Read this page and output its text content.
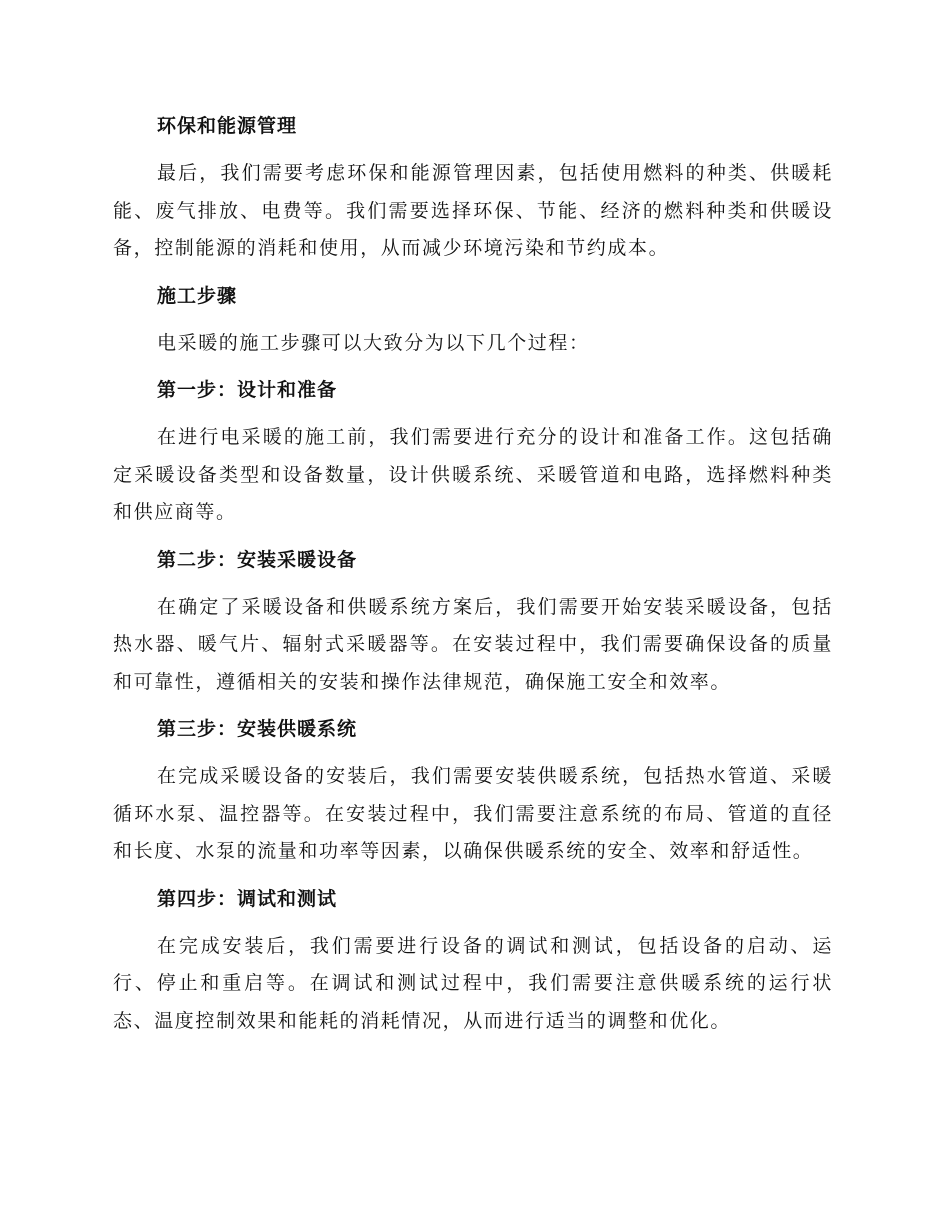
环保和能源管理

最后，我们需要考虑环保和能源管理因素，包括使用燃料的种类、供暖耗能、废气排放、电费等。我们需要选择环保、节能、经济的燃料种类和供暖设备，控制能源的消耗和使用，从而减少环境污染和节约成本。

施工步骤

电采暖的施工步骤可以大致分为以下几个过程：

第一步：设计和准备

在进行电采暖的施工前，我们需要进行充分的设计和准备工作。这包括确定采暖设备类型和设备数量，设计供暖系统、采暖管道和电路，选择燃料种类和供应商等。

第二步：安装采暖设备

在确定了采暖设备和供暖系统方案后，我们需要开始安装采暖设备，包括热水器、暖气片、辐射式采暖器等。在安装过程中，我们需要确保设备的质量和可靠性，遵循相关的安装和操作法律规范，确保施工安全和效率。

第三步：安装供暖系统

在完成采暖设备的安装后，我们需要安装供暖系统，包括热水管道、采暖循环水泵、温控器等。在安装过程中，我们需要注意系统的布局、管道的直径和长度、水泵的流量和功率等因素，以确保供暖系统的安全、效率和舒适性。

第四步：调试和测试

在完成安装后，我们需要进行设备的调试和测试，包括设备的启动、运行、停止和重启等。在调试和测试过程中，我们需要注意供暖系统的运行状态、温度控制效果和能耗的消耗情况，从而进行适当的调整和优化。
